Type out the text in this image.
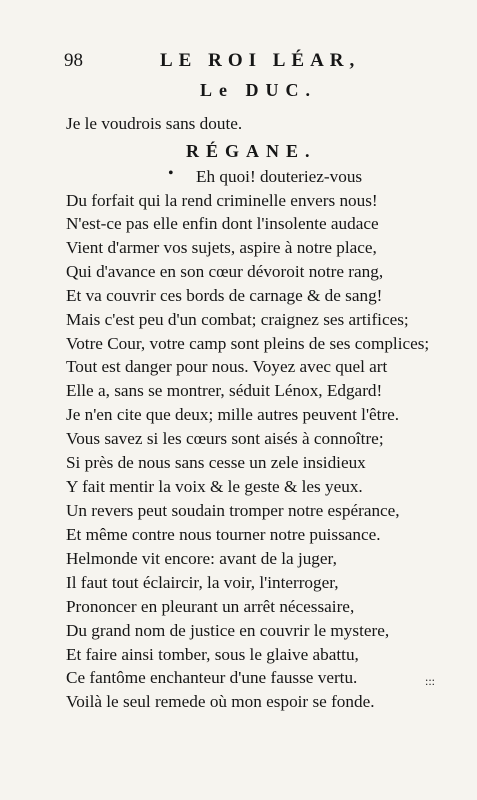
98	LE ROI LÉAR,
Le DUC.
Je le voudrois sans doute.
RÉGANE.
• Eh quoi! douteriez-vous
Du forfait qui la rend criminelle envers nous!
N'est-ce pas elle enfin dont l'insolente audace
Vient d'armer vos sujets, aspire à notre place,
Qui d'avance en son cœur dévoroit notre rang,
Et va couvrir ces bords de carnage & de sang!
Mais c'est peu d'un combat; craignez ses artifices;
Votre Cour, votre camp sont pleins de ses complices;
Tout est danger pour nous. Voyez avec quel art
Elle a, sans se montrer, séduit Lénox, Edgard!
Je n'en cite que deux; mille autres peuvent l'être.
Vous savez si les cœurs sont aisés à connoître;
Si près de nous sans cesse un zele insidieux
Y fait mentir la voix & le geste & les yeux.
Un revers peut soudain tromper notre espérance,
Et même contre nous tourner notre puissance.
Helmonde vit encore: avant de la juger,
Il faut tout éclaircir, la voir, l'interroger,
Prononcer en pleurant un arrêt nécessaire,
Du grand nom de justice en couvrir le mystere,
Et faire ainsi tomber, sous le glaive abattu,
Ce fantôme enchanteur d'une fausse vertu.
Voilà le seul remede où mon espoir se fonde.
:::
